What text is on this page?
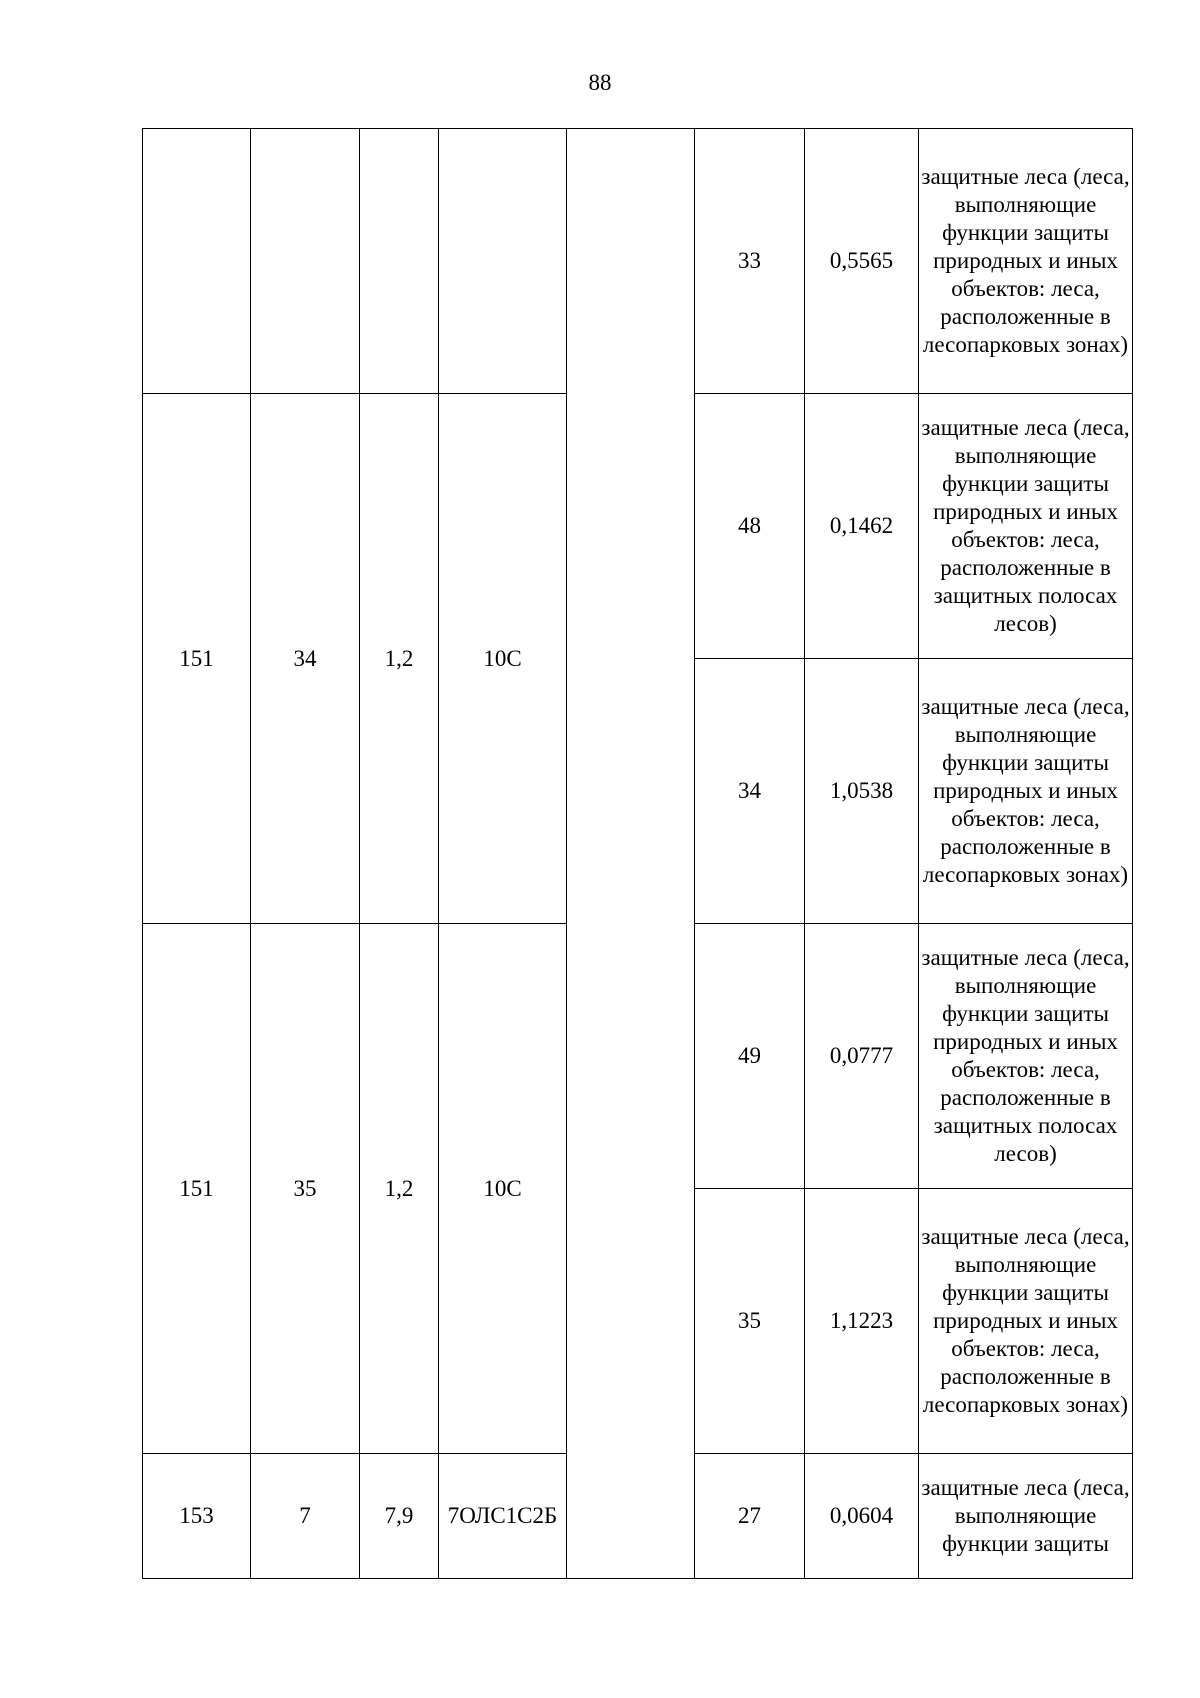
88
					33	0,5565	защитные леса (леса, выполняющие функции защиты природных и иных объектов: леса, расположенные в лесопарковых зонах)
151	34	1,2	10С		48	0,1462	защитные леса (леса, выполняющие функции защиты природных и иных объектов: леса, расположенные в защитных полосах лесов)
					34	1,0538	защитные леса (леса, выполняющие функции защиты природных и иных объектов: леса, расположенные в лесопарковых зонах)
151	35	1,2	10С		49	0,0777	защитные леса (леса, выполняющие функции защиты природных и иных объектов: леса, расположенные в защитных полосах лесов)
					35	1,1223	защитные леса (леса, выполняющие функции защиты природных и иных объектов: леса, расположенные в лесопарковых зонах)
153	7	7,9	7ОЛС1С2Б		27	0,0604	защитные леса (леса, выполняющие функции защиты
